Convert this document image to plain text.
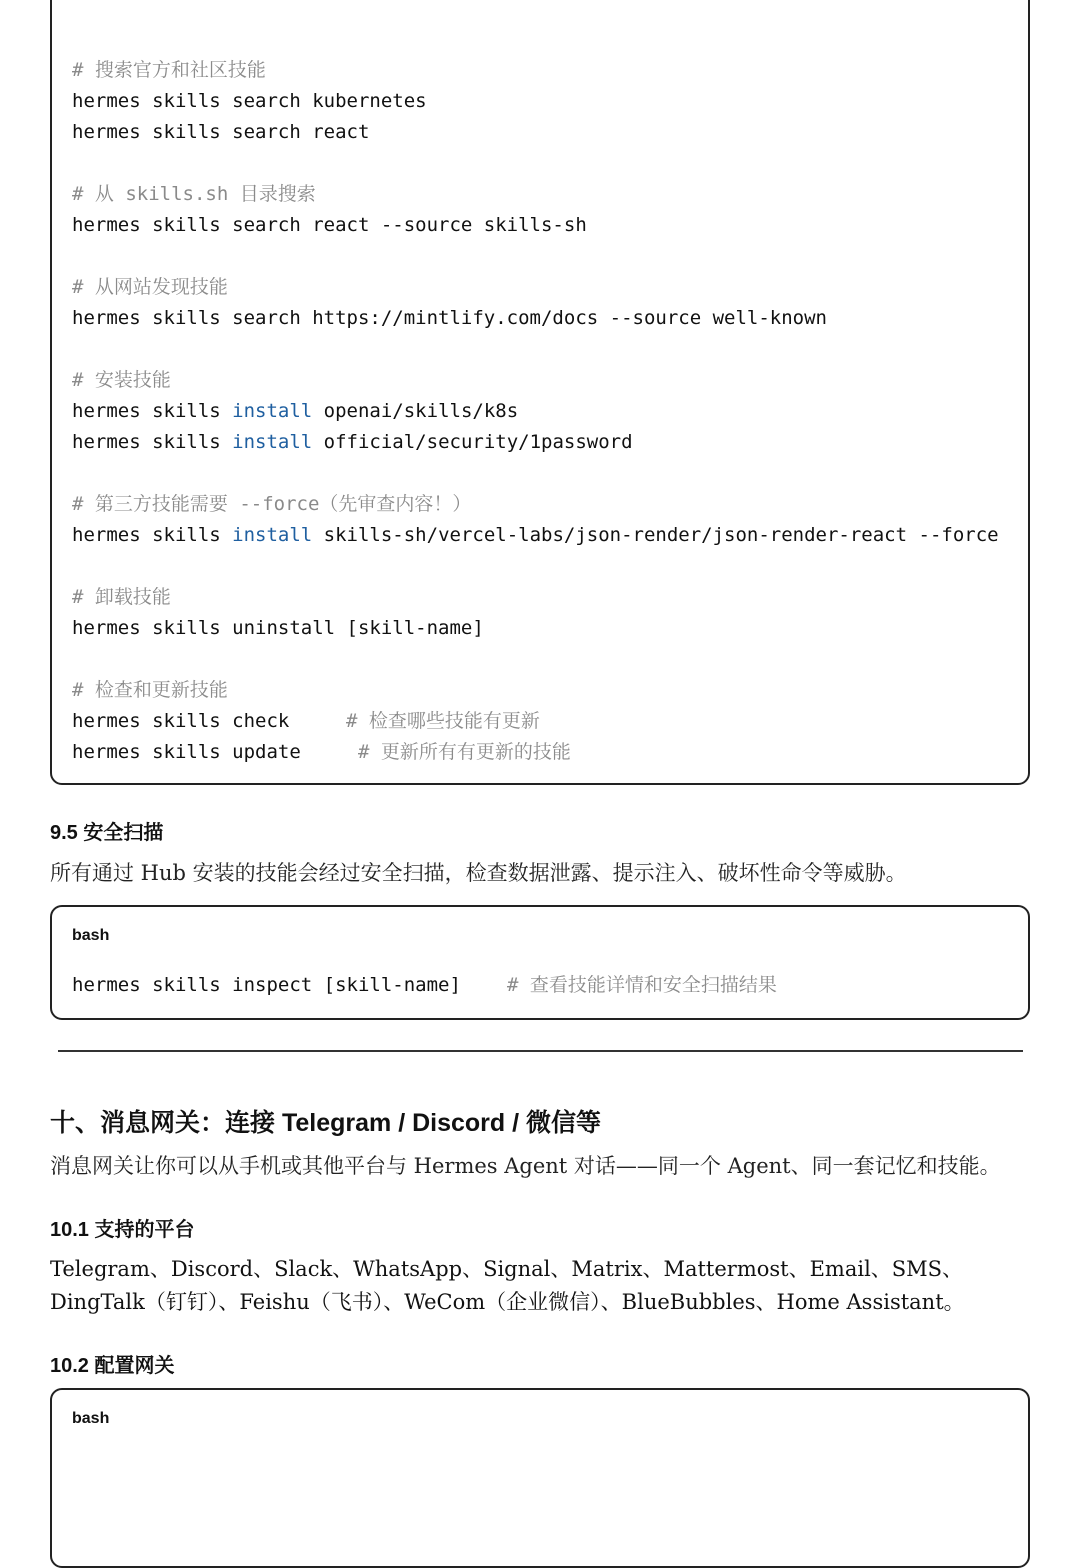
# 搜索官方和社区技能
hermes skills search kubernetes
hermes skills search react
# 从 skills.sh 目录搜索
hermes skills search react --source skills-sh
# 从网站发现技能
hermes skills search https://mintlify.com/docs --source well-known
# 安装技能
hermes skills install openai/skills/k8s
hermes skills install official/security/1password
# 第三方技能需要 --force（先审查内容！）
hermes skills install skills-sh/vercel-labs/json-render/json-render-react --force
# 卸载技能
hermes skills uninstall [skill-name]
# 检查和更新技能
hermes skills check	# 检查哪些技能有更新
hermes skills update	# 更新所有有更新的技能
9.5 安全扫描
所有通过 Hub 安装的技能会经过安全扫描，检查数据泄露、提示注入、破坏性命令等威胁。
bash
hermes skills inspect [skill-name] # 查看技能详情和安全扫描结果
十、消息网关：连接 Telegram / Discord / 微信等
消息网关让你可以从手机或其他平台与 Hermes Agent 对话——同一个 Agent、同一套记忆和技能。
10.1 支持的平台
Telegram、Discord、Slack、WhatsApp、Signal、Matrix、Mattermost、Email、SMS、
DingTalk（钉钉）、Feishu（飞书）、WeCom（企业微信）、BlueBubbles、Home Assistant。
10.2 配置网关
bash
